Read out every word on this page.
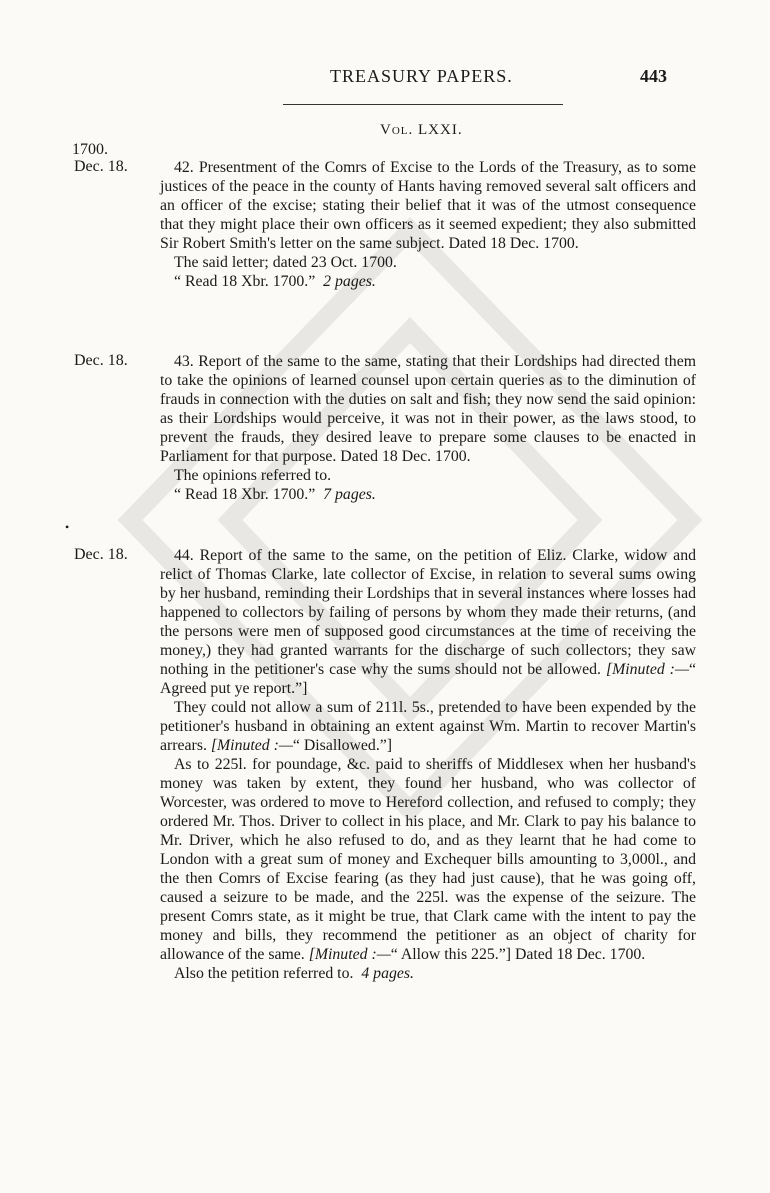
TREASURY PAPERS.	443
Vol. LXXI.
1700.
Dec. 18.	42. Presentment of the Comrs of Excise to the Lords of the Treasury, as to some justices of the peace in the county of Hants having removed several salt officers and an officer of the excise; stating their belief that it was of the utmost consequence that they might place their own officers as it seemed expedient; they also submitted Sir Robert Smith's letter on the same subject. Dated 18 Dec. 1700.

The said letter; dated 23 Oct. 1700.

“ Read 18 Xbr. 1700.” 2 pages.

Dec. 18.	43. Report of the same to the same, stating that their Lordships had directed them to take the opinions of learned counsel upon certain queries as to the diminution of frauds in connection with the duties on salt and fish; they now send the said opinion: as their Lordships would perceive, it was not in their power, as the laws stood, to prevent the frauds, they desired leave to prepare some clauses to be enacted in Parliament for that purpose. Dated 18 Dec. 1700.

The opinions referred to.

“ Read 18 Xbr. 1700.” 7 pages.

•
Dec. 18.	44. Report of the same to the same, on the petition of Eliz. Clarke, widow and relict of Thomas Clarke, late collector of Excise, in relation to several sums owing by her husband, reminding their Lordships that in several instances where losses had happened to collectors by failing of persons by whom they made their returns, (and the persons were men of supposed good circumstances at the time of receiving the money,) they had granted warrants for the discharge of such collectors; they saw nothing in the petitioner's case why the sums should not be allowed. [Minuted :—“ Agreed put ye report.”]

They could not allow a sum of 211l. 5s., pretended to have been expended by the petitioner's husband in obtaining an extent against Wm. Martin to recover Martin's arrears. [Minuted :—“ Disallowed.”]

As to 225l. for poundage, &c. paid to sheriffs of Middlesex when her husband's money was taken by extent, they found her husband, who was collector of Worcester, was ordered to move to Hereford collection, and refused to comply; they ordered Mr. Thos. Driver to collect in his place, and Mr. Clark to pay his balance to Mr. Driver, which he also refused to do, and as they learnt that he had come to London with a great sum of money and Exchequer bills amounting to 3,000l., and the then Comrs of Excise fearing (as they had just cause), that he was going off, caused a seizure to be made, and the 225l. was the expense of the seizure. The present Comrs state, as it might be true, that Clark came with the intent to pay the money and bills, they recommend the petitioner as an object of charity for allowance of the same. [Minuted :—“ Allow this 225.”] Dated 18 Dec. 1700.

Also the petition referred to. 4 pages.
